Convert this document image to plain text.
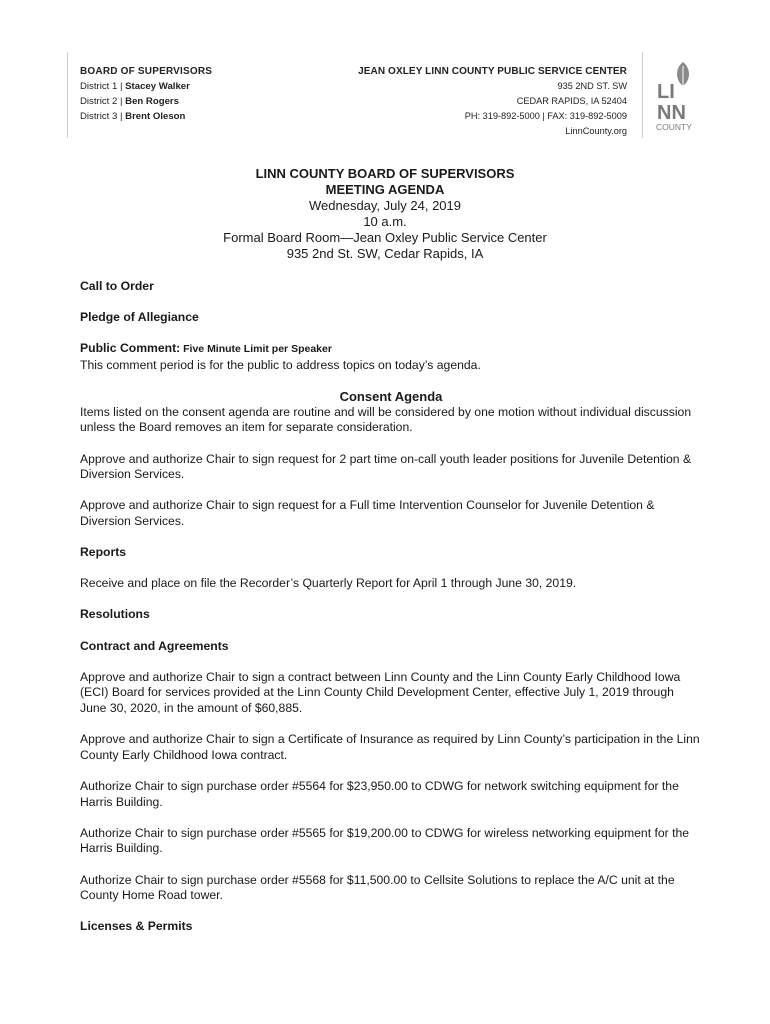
BOARD OF SUPERVISORS
District 1 | Stacey Walker
District 2 | Ben Rogers
District 3 | Brent Oleson
JEAN OXLEY LINN COUNTY PUBLIC SERVICE CENTER
935 2ND ST. SW
CEDAR RAPIDS, IA 52404
PH: 319-892-5000 | FAX: 319-892-5009
LinnCounty.org
LI
NN
COUNTY
LINN COUNTY BOARD OF SUPERVISORS
MEETING AGENDA
Wednesday, July 24, 2019
10 a.m.
Formal Board Room—Jean Oxley Public Service Center
935 2nd St. SW, Cedar Rapids, IA

Call to Order

Pledge of Allegiance

Public Comment: Five Minute Limit per Speaker

This comment period is for the public to address topics on today’s agenda.

Consent Agenda

Items listed on the consent agenda are routine and will be considered by one motion without individual discussion unless the Board removes an item for separate consideration.

Approve and authorize Chair to sign request for 2 part time on-call youth leader positions for Juvenile Detention & Diversion Services.

Approve and authorize Chair to sign request for a Full time Intervention Counselor for Juvenile Detention & Diversion Services.

Reports

Receive and place on file the Recorder’s Quarterly Report for April 1 through June 30, 2019.

Resolutions

Contract and Agreements

Approve and authorize Chair to sign a contract between Linn County and the Linn County Early Childhood Iowa (ECI) Board for services provided at the Linn County Child Development Center, effective July 1, 2019 through June 30, 2020, in the amount of $60,885.

Approve and authorize Chair to sign a Certificate of Insurance as required by Linn County’s participation in the Linn County Early Childhood Iowa contract.

Authorize Chair to sign purchase order #5564 for $23,950.00 to CDWG for network switching equipment for the Harris Building.

Authorize Chair to sign purchase order #5565 for $19,200.00 to CDWG for wireless networking equipment for the Harris Building.

Authorize Chair to sign purchase order #5568 for $11,500.00 to Cellsite Solutions to replace the A/C unit at the County Home Road tower.

Licenses & Permits
